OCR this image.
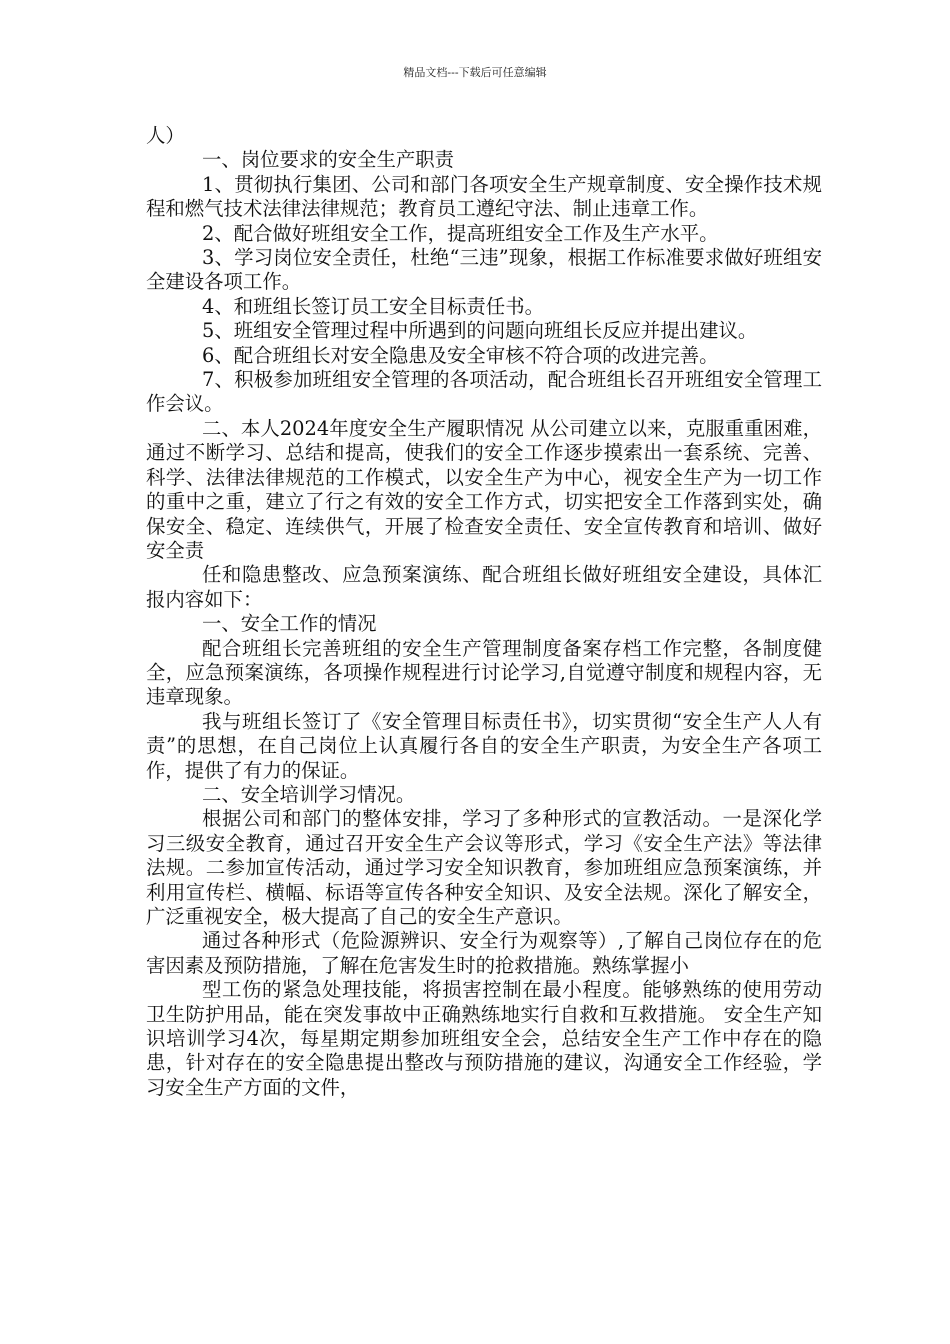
精品文档---下载后可任意编辑

人）

一、岗位要求的安全生产职责

1、贯彻执行集团、公司和部门各项安全生产规章制度、安全操作技术规程和燃气技术法律法律规范；教育员工遵纪守法、制止违章工作。

2、配合做好班组安全工作，提高班组安全工作及生产水平。

3、学习岗位安全责任，杜绝“三违”现象，根据工作标准要求做好班组安全建设各项工作。

4、和班组长签订员工安全目标责任书。

5、班组安全管理过程中所遇到的问题向班组长反应并提出建议。

6、配合班组长对安全隐患及安全审核不符合项的改进完善。

7、积极参加班组安全管理的各项活动，配合班组长召开班组安全管理工作会议。

二、本人2024年度安全生产履职情况 从公司建立以来，克服重重困难，通过不断学习、总结和提高，使我们的安全工作逐步摸索出一套系统、完善、科学、法律法律规范的工作模式，以安全生产为中心，视安全生产为一切工作的重中之重，建立了行之有效的安全工作方式，切实把安全工作落到实处，确保安全、稳定、连续供气，开展了检查安全责任、安全宣传教育和培训、做好安全责

任和隐患整改、应急预案演练、配合班组长做好班组安全建设，具体汇报内容如下：

一、安全工作的情况

配合班组长完善班组的安全生产管理制度备案存档工作完整，各制度健全，应急预案演练，各项操作规程进行讨论学习,自觉遵守制度和规程内容，无违章现象。

我与班组长签订了《安全管理目标责任书》，切实贯彻“安全生产人人有责”的思想，在自己岗位上认真履行各自的安全生产职责，为安全生产各项工作，提供了有力的保证。

二、安全培训学习情况。

根据公司和部门的整体安排，学习了多种形式的宣教活动。一是深化学习三级安全教育，通过召开安全生产会议等形式，学习《安全生产法》等法律法规。二参加宣传活动，通过学习安全知识教育，参加班组应急预案演练，并利用宣传栏、横幅、标语等宣传各种安全知识、及安全法规。深化了解安全，广泛重视安全，极大提高了自己的安全生产意识。

通过各种形式（危险源辨识、安全行为观察等）,了解自己岗位存在的危害因素及预防措施，了解在危害发生时的抢救措施。熟练掌握小

型工伤的紧急处理技能，将损害控制在最小程度。能够熟练的使用劳动卫生防护用品，能在突发事故中正确熟练地实行自救和互救措施。 安全生产知识培训学习4次，每星期定期参加班组安全会，总结安全生产工作中存在的隐患，针对存在的安全隐患提出整改与预防措施的建议，沟通安全工作经验，学习安全生产方面的文件，
